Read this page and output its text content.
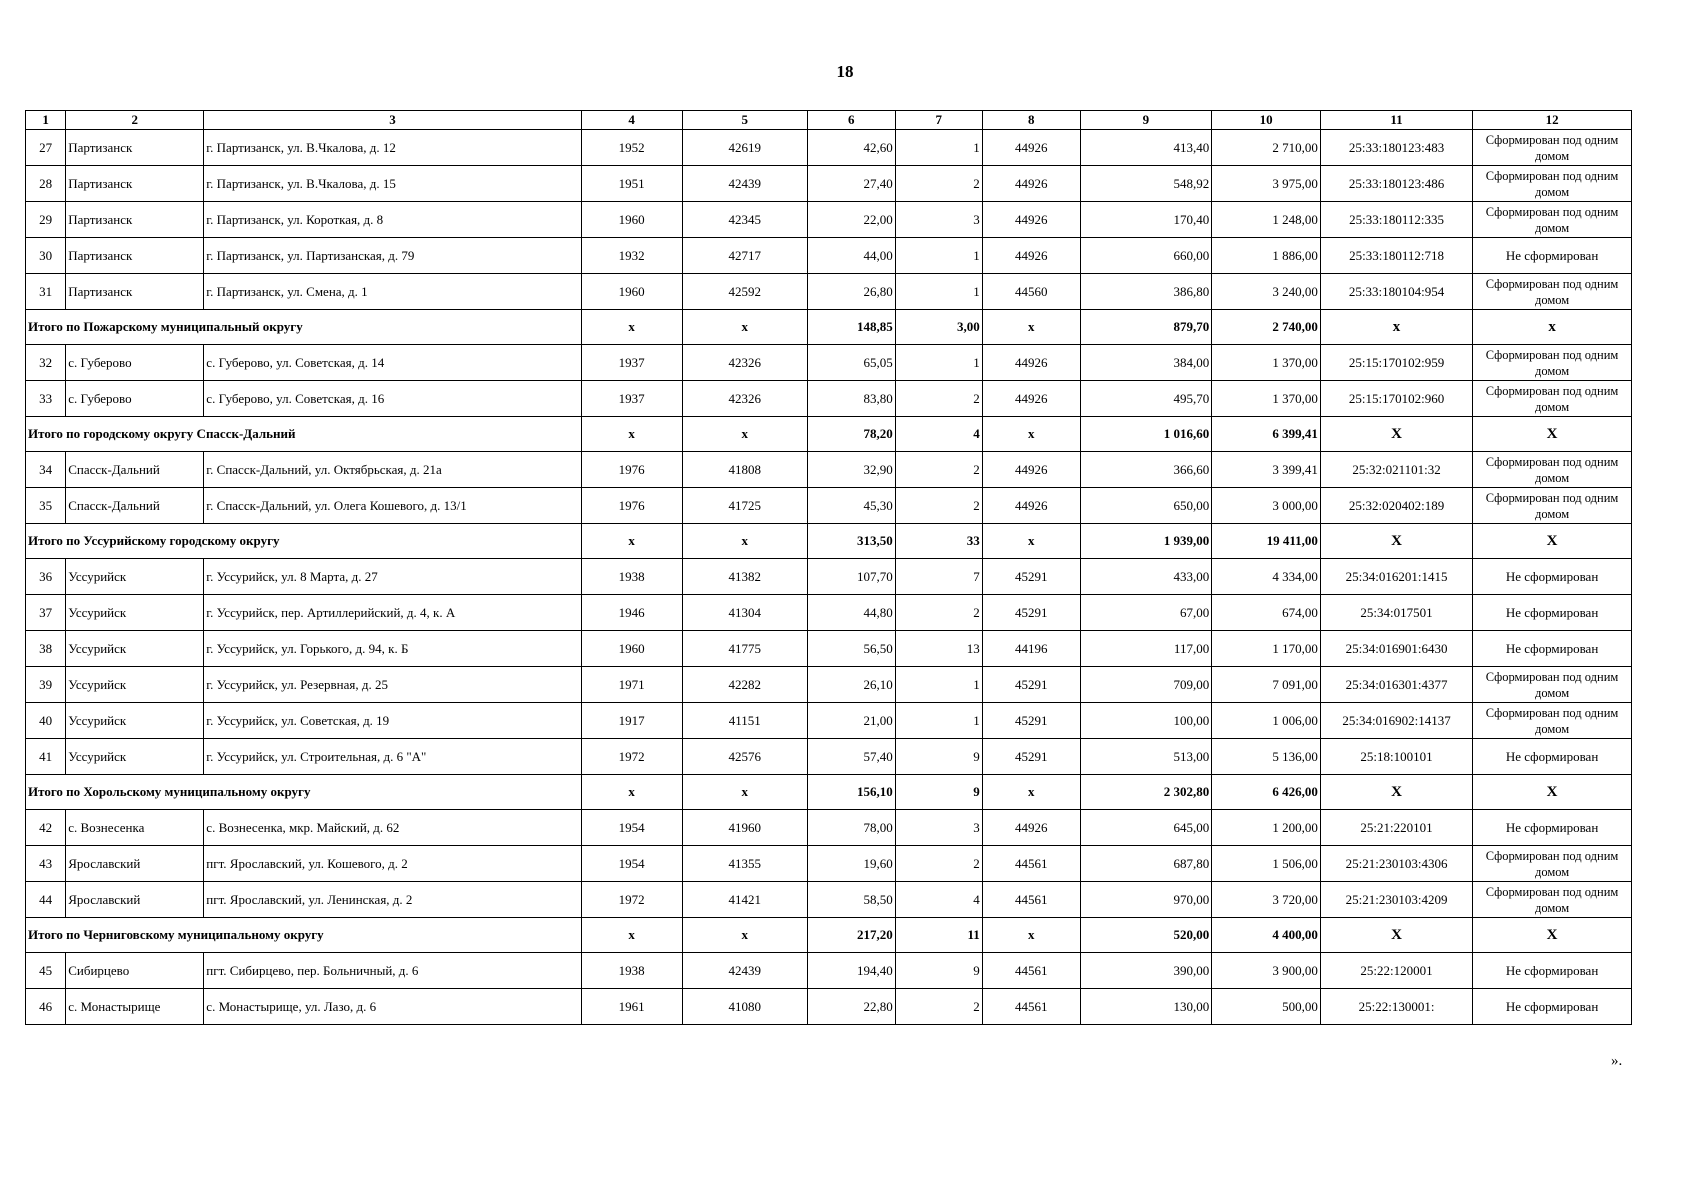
18
1	2	3	4	5	6	7	8	9	10	11	12
27	Партизанск	г. Партизанск, ул. В.Чкалова, д. 12	1952	42619	42,60	1	44926	413,40	2 710,00	25:33:180123:483	Сформирован под одним домом
28	Партизанск	г. Партизанск, ул. В.Чкалова, д. 15	1951	42439	27,40	2	44926	548,92	3 975,00	25:33:180123:486	Сформирован под одним домом
29	Партизанск	г. Партизанск, ул. Короткая, д. 8	1960	42345	22,00	3	44926	170,40	1 248,00	25:33:180112:335	Сформирован под одним домом
30	Партизанск	г. Партизанск, ул. Партизанская, д. 79	1932	42717	44,00	1	44926	660,00	1 886,00	25:33:180112:718	Не сформирован
31	Партизанск	г. Партизанск, ул. Смена, д. 1	1960	42592	26,80	1	44560	386,80	3 240,00	25:33:180104:954	Сформирован под одним домом
Итого по Пожарскому муниципальный округу			х	х	148,85	3,00	х	879,70	2 740,00	х	х
32	с. Губерово	с. Губерово, ул. Советская, д. 14	1937	42326	65,05	1	44926	384,00	1 370,00	25:15:170102:959	Сформирован под одним домом
33	с. Губерово	с. Губерово, ул. Советская, д. 16	1937	42326	83,80	2	44926	495,70	1 370,00	25:15:170102:960	Сформирован под одним домом
Итого по городскому округу Спасск-Дальний			х	х	78,20	4	х	1 016,60	6 399,41	Х	Х
34	Спасск-Дальний	г. Спасск-Дальний, ул. Октябрьская, д. 21а	1976	41808	32,90	2	44926	366,60	3 399,41	25:32:021101:32	Сформирован под одним домом
35	Спасск-Дальний	г. Спасск-Дальний, ул. Олега Кошевого, д. 13/1	1976	41725	45,30	2	44926	650,00	3 000,00	25:32:020402:189	Сформирован под одним домом
Итого по Уссурийскому городскому округу			х	х	313,50	33	х	1 939,00	19 411,00	Х	Х
36	Уссурийск	г. Уссурийск, ул. 8 Марта, д. 27	1938	41382	107,70	7	45291	433,00	4 334,00	25:34:016201:1415	Не сформирован
37	Уссурийск	г. Уссурийск, пер. Артиллерийский, д. 4, к. А	1946	41304	44,80	2	45291	67,00	674,00	25:34:017501	Не сформирован
38	Уссурийск	г. Уссурийск, ул. Горького, д. 94, к. Б	1960	41775	56,50	13	44196	117,00	1 170,00	25:34:016901:6430	Не сформирован
39	Уссурийск	г. Уссурийск, ул. Резервная, д. 25	1971	42282	26,10	1	45291	709,00	7 091,00	25:34:016301:4377	Сформирован под одним домом
40	Уссурийск	г. Уссурийск, ул. Советская, д. 19	1917	41151	21,00	1	45291	100,00	1 006,00	25:34:016902:14137	Сформирован под одним домом
41	Уссурийск	г. Уссурийск, ул. Строительная, д. 6 "А"	1972	42576	57,40	9	45291	513,00	5 136,00	25:18:100101	Не сформирован
Итого по Хорольскому муниципальному округу			х	х	156,10	9	х	2 302,80	6 426,00	Х	Х
42	с. Вознесенка	с. Вознесенка, мкр. Майский, д. 62	1954	41960	78,00	3	44926	645,00	1 200,00	25:21:220101	Не сформирован
43	Ярославский	пгт. Ярославский, ул. Кошевого, д. 2	1954	41355	19,60	2	44561	687,80	1 506,00	25:21:230103:4306	Сформирован под одним домом
44	Ярославский	пгт. Ярославский, ул. Ленинская, д. 2	1972	41421	58,50	4	44561	970,00	3 720,00	25:21:230103:4209	Сформирован под одним домом
Итого по Черниговскому муниципальному округу			х	х	217,20	11	х	520,00	4 400,00	Х	Х
45	Сибирцево	пгт. Сибирцево, пер. Больничный, д. 6	1938	42439	194,40	9	44561	390,00	3 900,00	25:22:120001	Не сформирован
46	с. Монастырище	с. Монастырище, ул. Лазо, д. 6	1961	41080	22,80	2	44561	130,00	500,00	25:22:130001:	Не сформирован
».
